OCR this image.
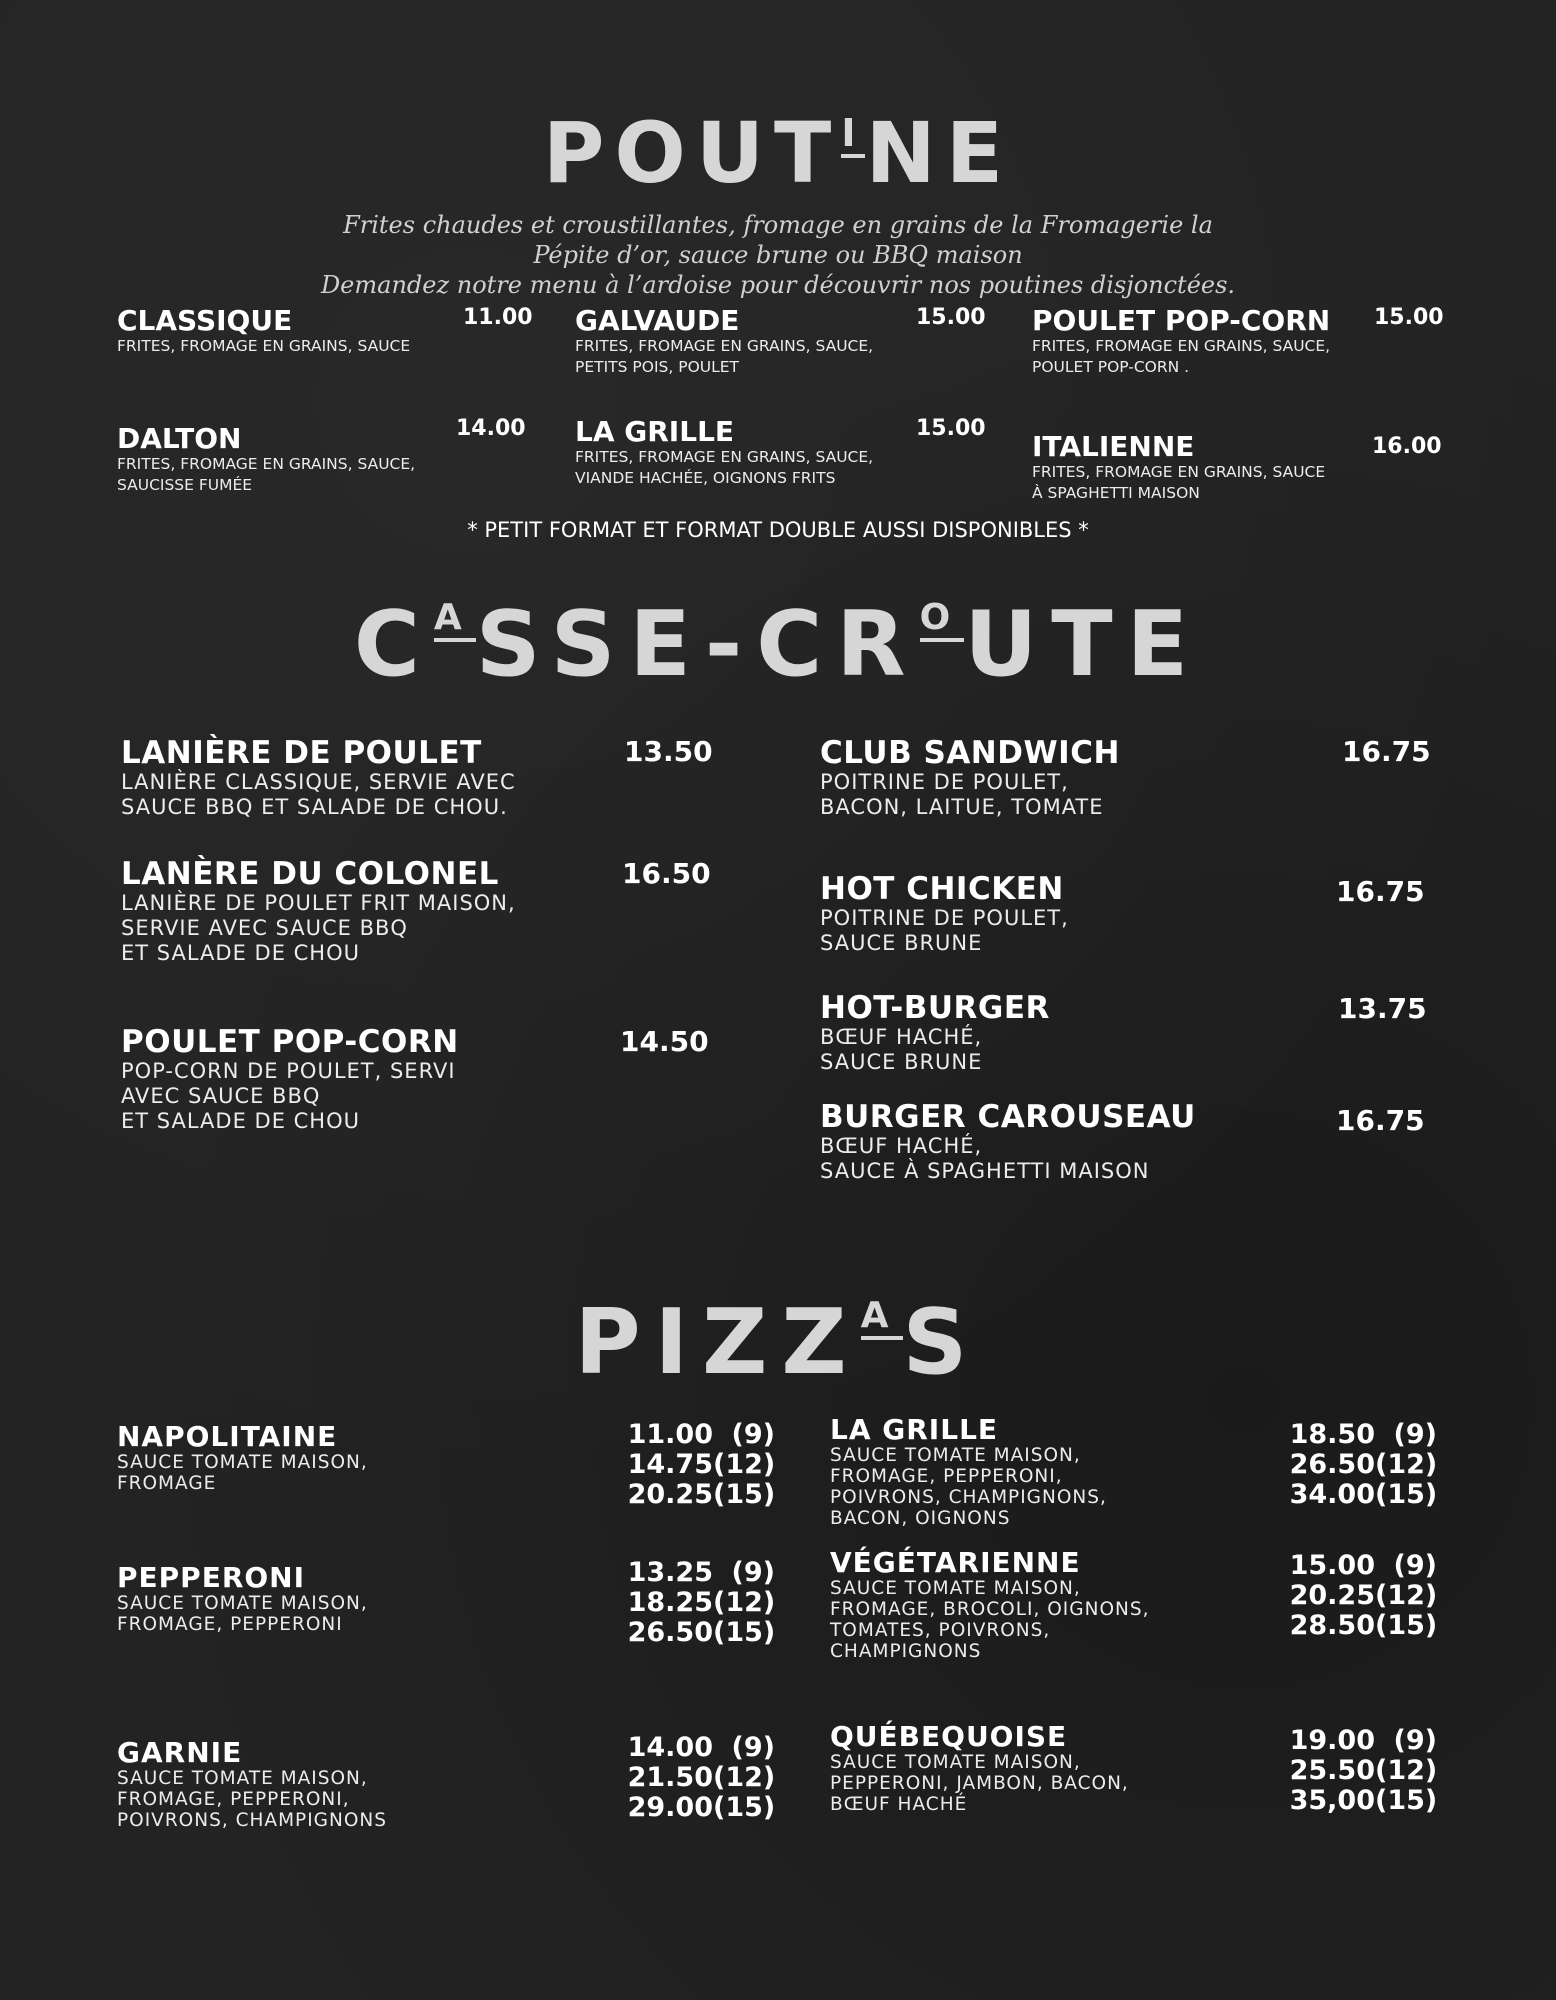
POUTINE

Frites chaudes et croustillantes, fromage en grains de la Fromagerie la

Pépite d’or, sauce brune ou BBQ maison

Demandez notre menu à l’ardoise pour découvrir nos poutines disjonctées.

CLASSIQUE

FRITES, FROMAGE EN GRAINS, SAUCE

11.00 GALVAUDE

FRITES, FROMAGE EN GRAINS, SAUCE,
PETITS POIS, POULET

15.00 POULET POP-CORN

FRITES, FROMAGE EN GRAINS, SAUCE,
POULET POP-CORN .

15.00

DALTON

FRITES, FROMAGE EN GRAINS, SAUCE,
SAUCISSE FUMÉE

14.00 LA GRILLE

FRITES, FROMAGE EN GRAINS, SAUCE,
VIANDE HACHÉE, OIGNONS FRITS

15.00

ITALIENNE

FRITES, FROMAGE EN GRAINS, SAUCE
À SPAGHETTI MAISON

16.00

* PETIT FORMAT ET FORMAT DOUBLE AUSSI DISPONIBLES *

CASSE-CROUTE

LANIÈRE DE POULET

LANIÈRE CLASSIQUE, SERVIE AVEC
SAUCE BBQ ET SALADE DE CHOU.

13.50

LANÈRE DU COLONEL

LANIÈRE DE POULET FRIT MAISON,
SERVIE AVEC SAUCE BBQ
ET SALADE DE CHOU

16.50

POULET POP-CORN

POP-CORN DE POULET, SERVI
AVEC SAUCE BBQ
ET SALADE DE CHOU

14.50

CLUB SANDWICH

POITRINE DE POULET,
BACON, LAITUE, TOMATE

16.75

HOT CHICKEN

POITRINE DE POULET,
SAUCE BRUNE

16.75

HOT-BURGER

BŒUF HACHÉ,
SAUCE BRUNE

13.75

BURGER CAROUSEAU

BŒUF HACHÉ,
SAUCE À SPAGHETTI MAISON

16.75
PIZZAS

NAPOLITAINE

SAUCE TOMATE MAISON,
FROMAGE

11.00 (9)
14.75 (12)
20.25 (15)

PEPPERONI

SAUCE TOMATE MAISON,
FROMAGE, PEPPERONI

13.25 (9)
18.25 (12)
26.50 (15)

GARNIE

SAUCE TOMATE MAISON,
FROMAGE, PEPPERONI,
POIVRONS, CHAMPIGNONS

14.00 (9)
21.50 (12)
29.00 (15)

LA GRILLE

SAUCE TOMATE MAISON,
FROMAGE, PEPPERONI,
POIVRONS, CHAMPIGNONS,
BACON, OIGNONS

18.50 (9)
26.50 (12)
34.00 (15)

VÉGÉTARIENNE

SAUCE TOMATE MAISON,
FROMAGE, BROCOLI, OIGNONS,
TOMATES, POIVRONS,
CHAMPIGNONS

15.00 (9)
20.25 (12)
28.50 (15)

QUÉBEQUOISE

SAUCE TOMATE MAISON,
PEPPERONI, JAMBON, BACON,
BŒUF HACHÉ

19.00 (9)
25.50 (12)
35,00 (15)
